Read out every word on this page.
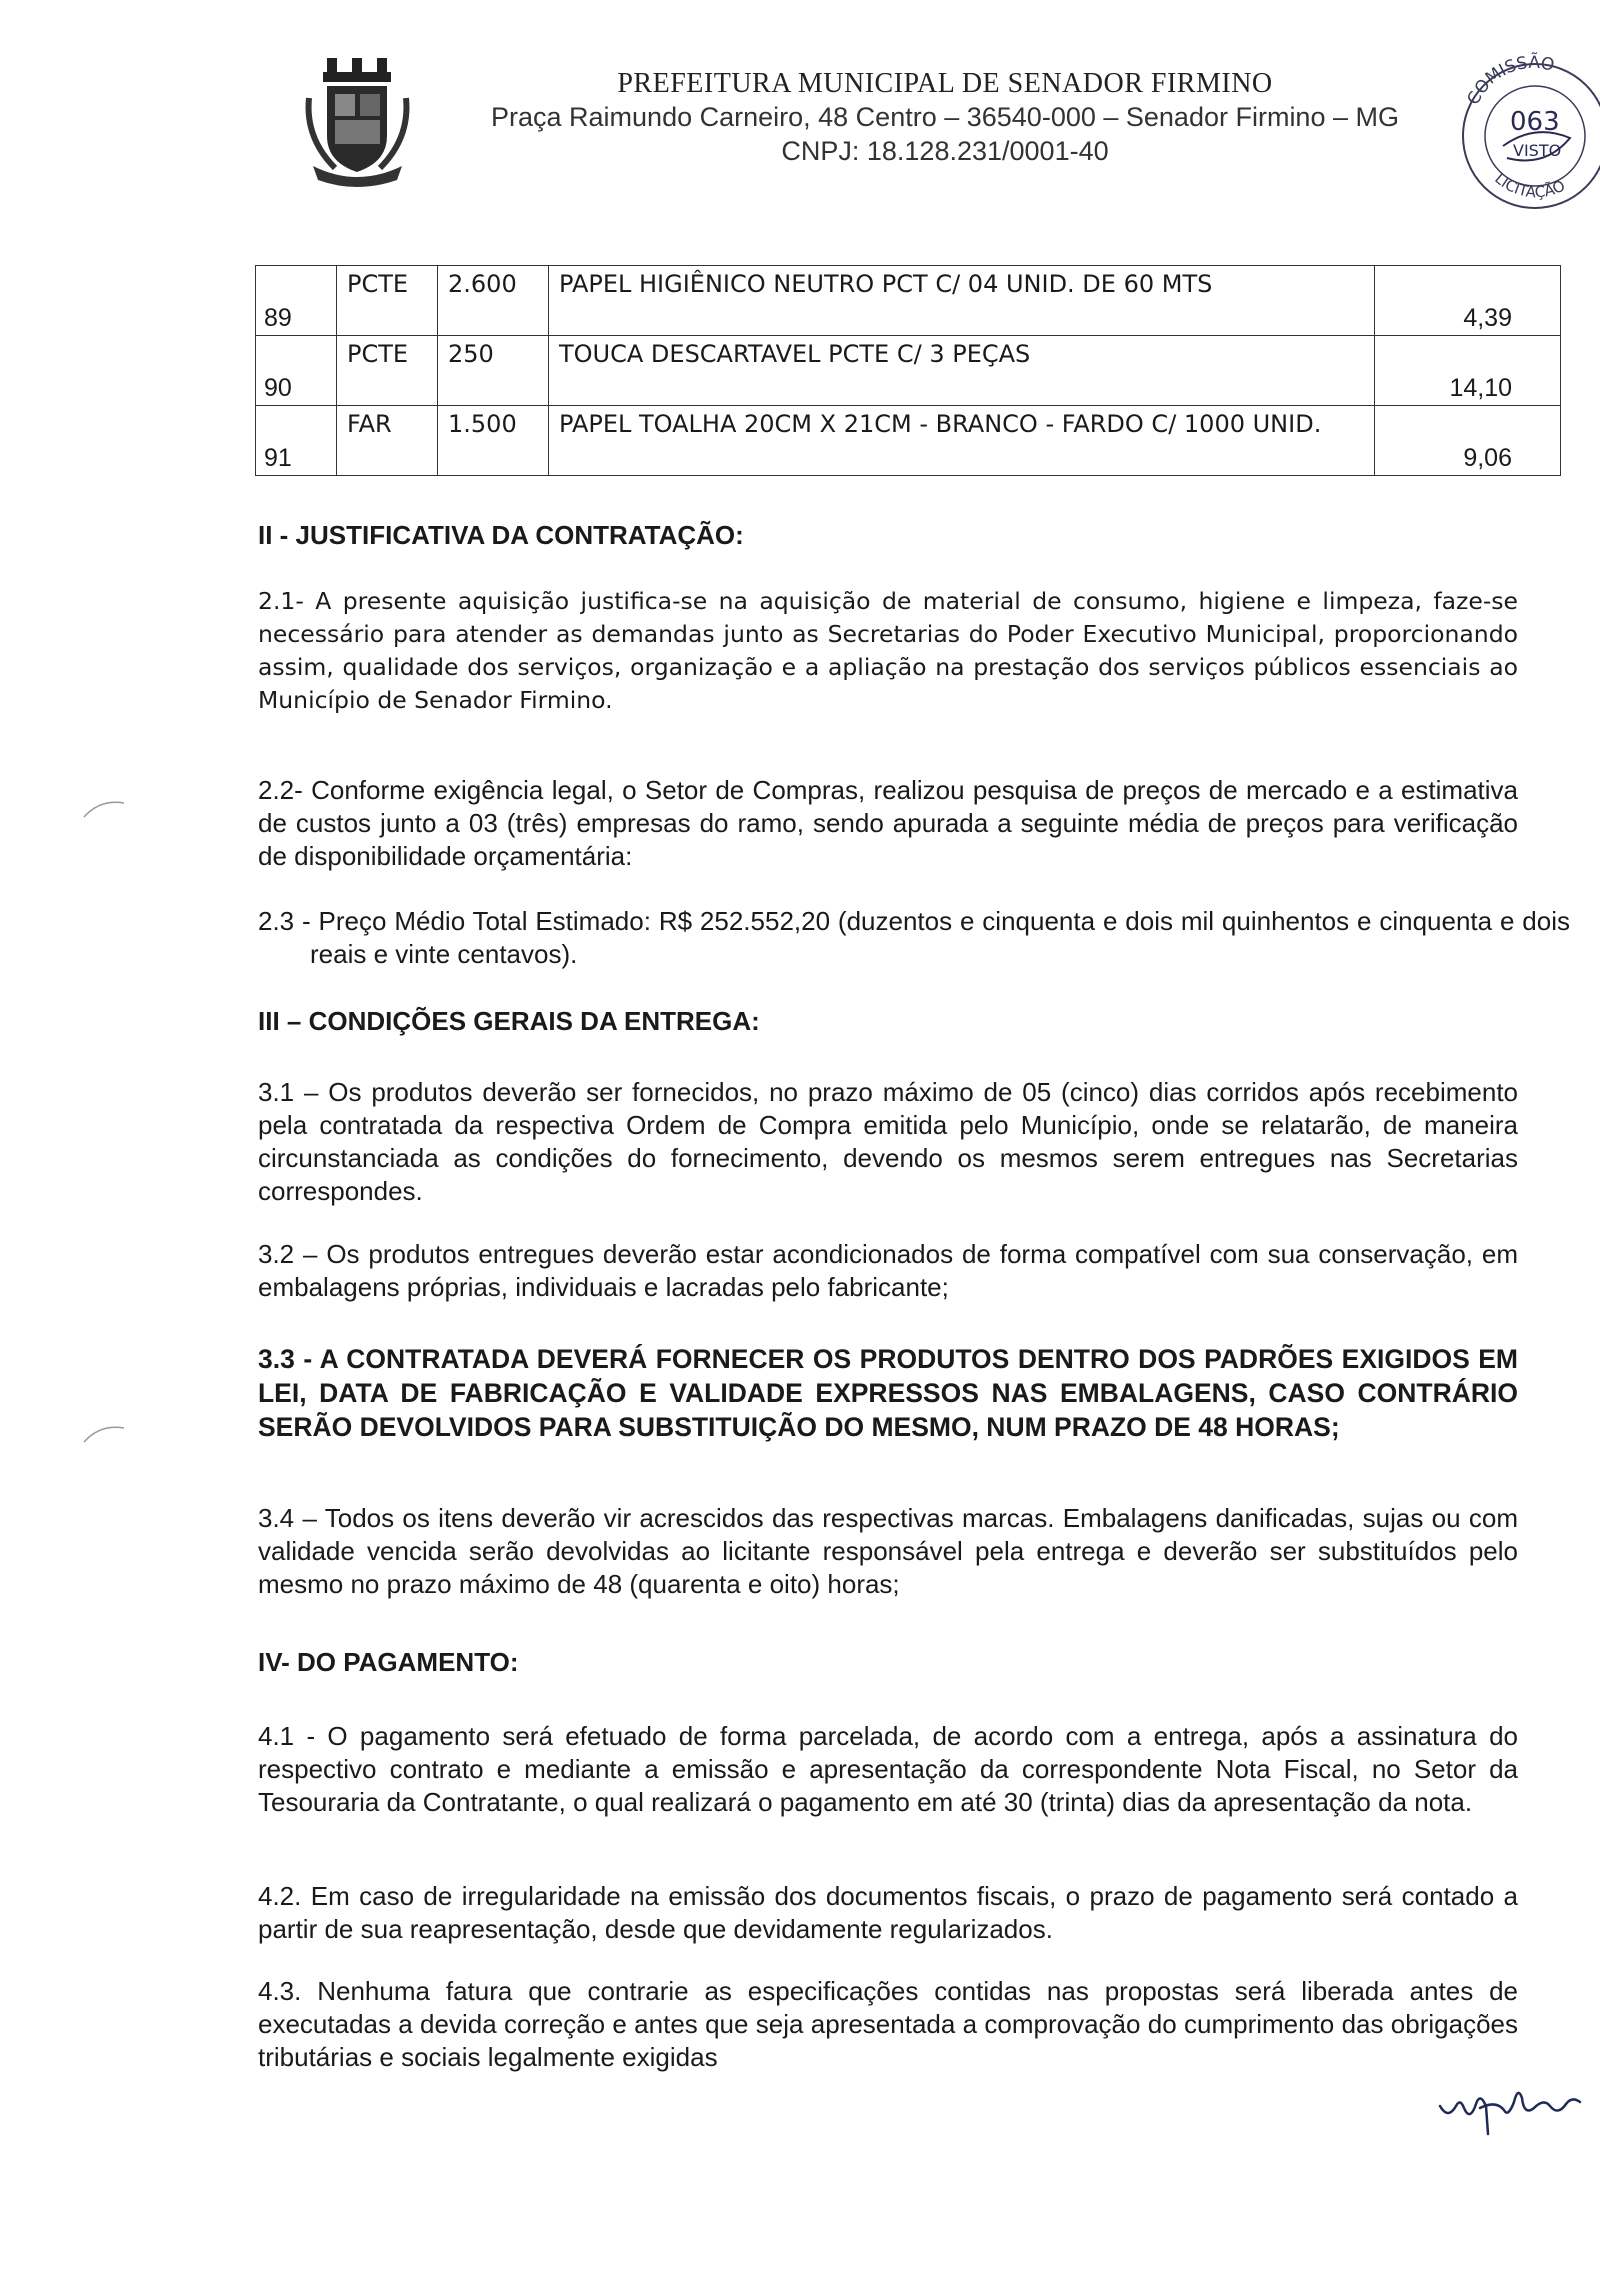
PREFEITURA MUNICIPAL DE SENADOR FIRMINO
Praça Raimundo Carneiro, 48 Centro – 36540-000 – Senador Firmino – MG
CNPJ: 18.128.231/0001-40
COMISSÃO
LICITAÇÃO
063
VISTO
89	PCTE	2.600	PAPEL HIGIÊNICO NEUTRO PCT C/ 04 UNID. DE 60 MTS	4,39

90	PCTE	250	TOUCA DESCARTAVEL PCTE C/ 3 PEÇAS	14,10

91	FAR	1.500	PAPEL TOALHA 20CM X 21CM - BRANCO - FARDO C/ 1000 UNID.	9,06
II - JUSTIFICATIVA DA CONTRATAÇÃO:
2.1- A presente aquisição justifica-se na aquisição de material de consumo, higiene e limpeza, faze-se necessário para atender as demandas junto as Secretarias do Poder Executivo Municipal, proporcionando assim, qualidade dos serviços, organização e a apliação na prestação dos serviços públicos essenciais ao Município de Senador Firmino.
2.2- Conforme exigência legal, o Setor de Compras, realizou pesquisa de preços de mercado e a estimativa de custos junto a 03 (três) empresas do ramo, sendo apurada a seguinte média de preços para verificação de disponibilidade orçamentária:
2.3 - Preço Médio Total Estimado: R$ 252.552,20 (duzentos e cinquenta e dois mil quinhentos e cinquenta e dois reais e vinte centavos).
III – CONDIÇÕES GERAIS DA ENTREGA:
3.1 – Os produtos deverão ser fornecidos, no prazo máximo de 05 (cinco) dias corridos após recebimento pela contratada da respectiva Ordem de Compra emitida pelo Município, onde se relatarão, de maneira circunstanciada as condições do fornecimento, devendo os mesmos serem entregues nas Secretarias correspondes.
3.2 – Os produtos entregues deverão estar acondicionados de forma compatível com sua conservação, em embalagens próprias, individuais e lacradas pelo fabricante;
3.3 - A CONTRATADA DEVERÁ FORNECER OS PRODUTOS DENTRO DOS PADRÕES EXIGIDOS EM LEI, DATA DE FABRICAÇÃO E VALIDADE EXPRESSOS NAS EMBALAGENS, CASO CONTRÁRIO SERÃO DEVOLVIDOS PARA SUBSTITUIÇÃO DO MESMO, NUM PRAZO DE 48 HORAS;
3.4 – Todos os itens deverão vir acrescidos das respectivas marcas. Embalagens danificadas, sujas ou com validade vencida serão devolvidas ao licitante responsável pela entrega e deverão ser substituídos pelo mesmo no prazo máximo de 48 (quarenta e oito) horas;
IV- DO PAGAMENTO:
4.1 - O pagamento será efetuado de forma parcelada, de acordo com a entrega, após a assinatura do respectivo contrato e mediante a emissão e apresentação da correspondente Nota Fiscal, no Setor da Tesouraria da Contratante, o qual realizará o pagamento em até 30 (trinta) dias da apresentação da nota.
4.2. Em caso de irregularidade na emissão dos documentos fiscais, o prazo de pagamento será contado a partir de sua reapresentação, desde que devidamente regularizados.
4.3. Nenhuma fatura que contrarie as especificações contidas nas propostas será liberada antes de executadas a devida correção e antes que seja apresentada a comprovação do cumprimento das obrigações tributárias e sociais legalmente exigidas
